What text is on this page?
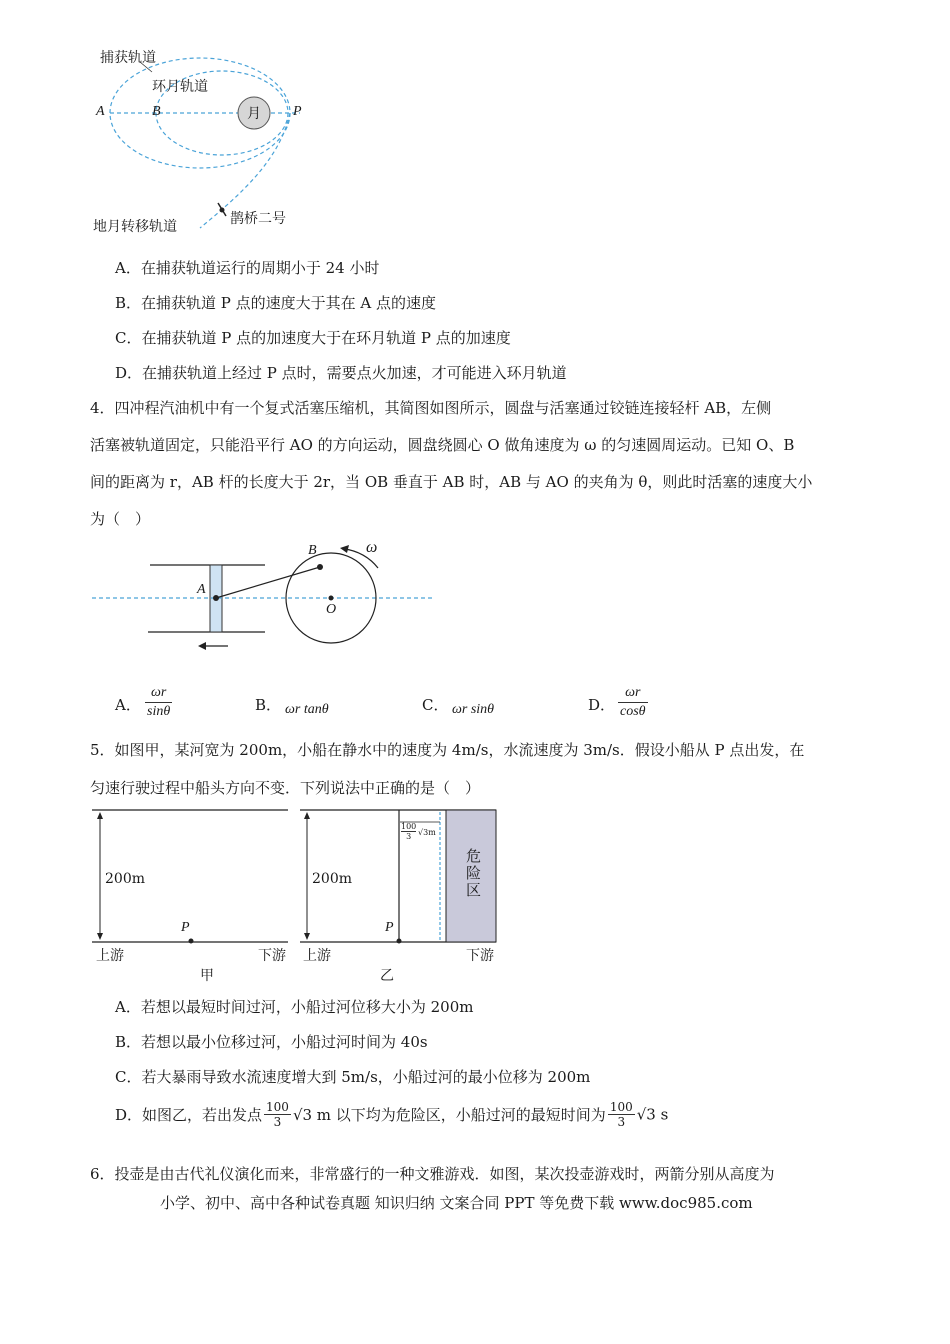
捕获轨道
环月轨道
A	B	月 P
地月转移轨道	鹊桥二号
A．在捕获轨道运行的周期小于 24 小时
B．在捕获轨道 P 点的速度大于其在 A 点的速度
C．在捕获轨道 P 点的加速度大于在环月轨道 P 点的加速度
D．在捕获轨道上经过 P 点时，需要点火加速，才可能进入环月轨道
4．四冲程汽油机中有一个复式活塞压缩机，其简图如图所示，圆盘与活塞通过铰链连接轻杆 AB，左侧
活塞被轨道固定，只能沿平行 AO 的方向运动，圆盘绕圆心 O 做角速度为 ω 的匀速圆周运动。已知 O、B
间的距离为 r，AB 杆的长度大于 2r，当 OB 垂直于 AB 时，AB 与 AO 的夹角为 θ，则此时活塞的速度大小
为（　）
A
B
O
ω
A． $\frac{\omega r}{\sin\theta}$	B． ωr tanθ	C． ωr sinθ	D． $\frac{\omega r}{\cos\theta}$
5．如图甲，某河宽为 200m，小船在静水中的速度为 4m/s，水流速度为 3m/s．假设小船从 P 点出发，在
匀速行驶过程中船头方向不变．下列说法中正确的是（　）
200m
P
上游	下游
甲
200m
P
上游	下游
乙
$\frac{100}{3} √3m$
危
险
区
A．若想以最短时间过河，小船过河位移大小为 200m
B．若想以最小位移过河，小船过河时间为 40s
C．若大暴雨导致水流速度增大到 5m/s，小船过河的最小位移为 200m
D．如图乙，若出发点 $\frac{100}{3} √3$ m 以下均为危险区，小船过河的最短时间为 $\frac{100}{3} √3$ s
6．投壶是由古代礼仪演化而来，非常盛行的一种文雅游戏．如图，某次投壶游戏时，两箭分别从高度为
小学、初中、高中各种试卷真题 知识归纳 文案合同 PPT 等免费下载 www.doc985.com
